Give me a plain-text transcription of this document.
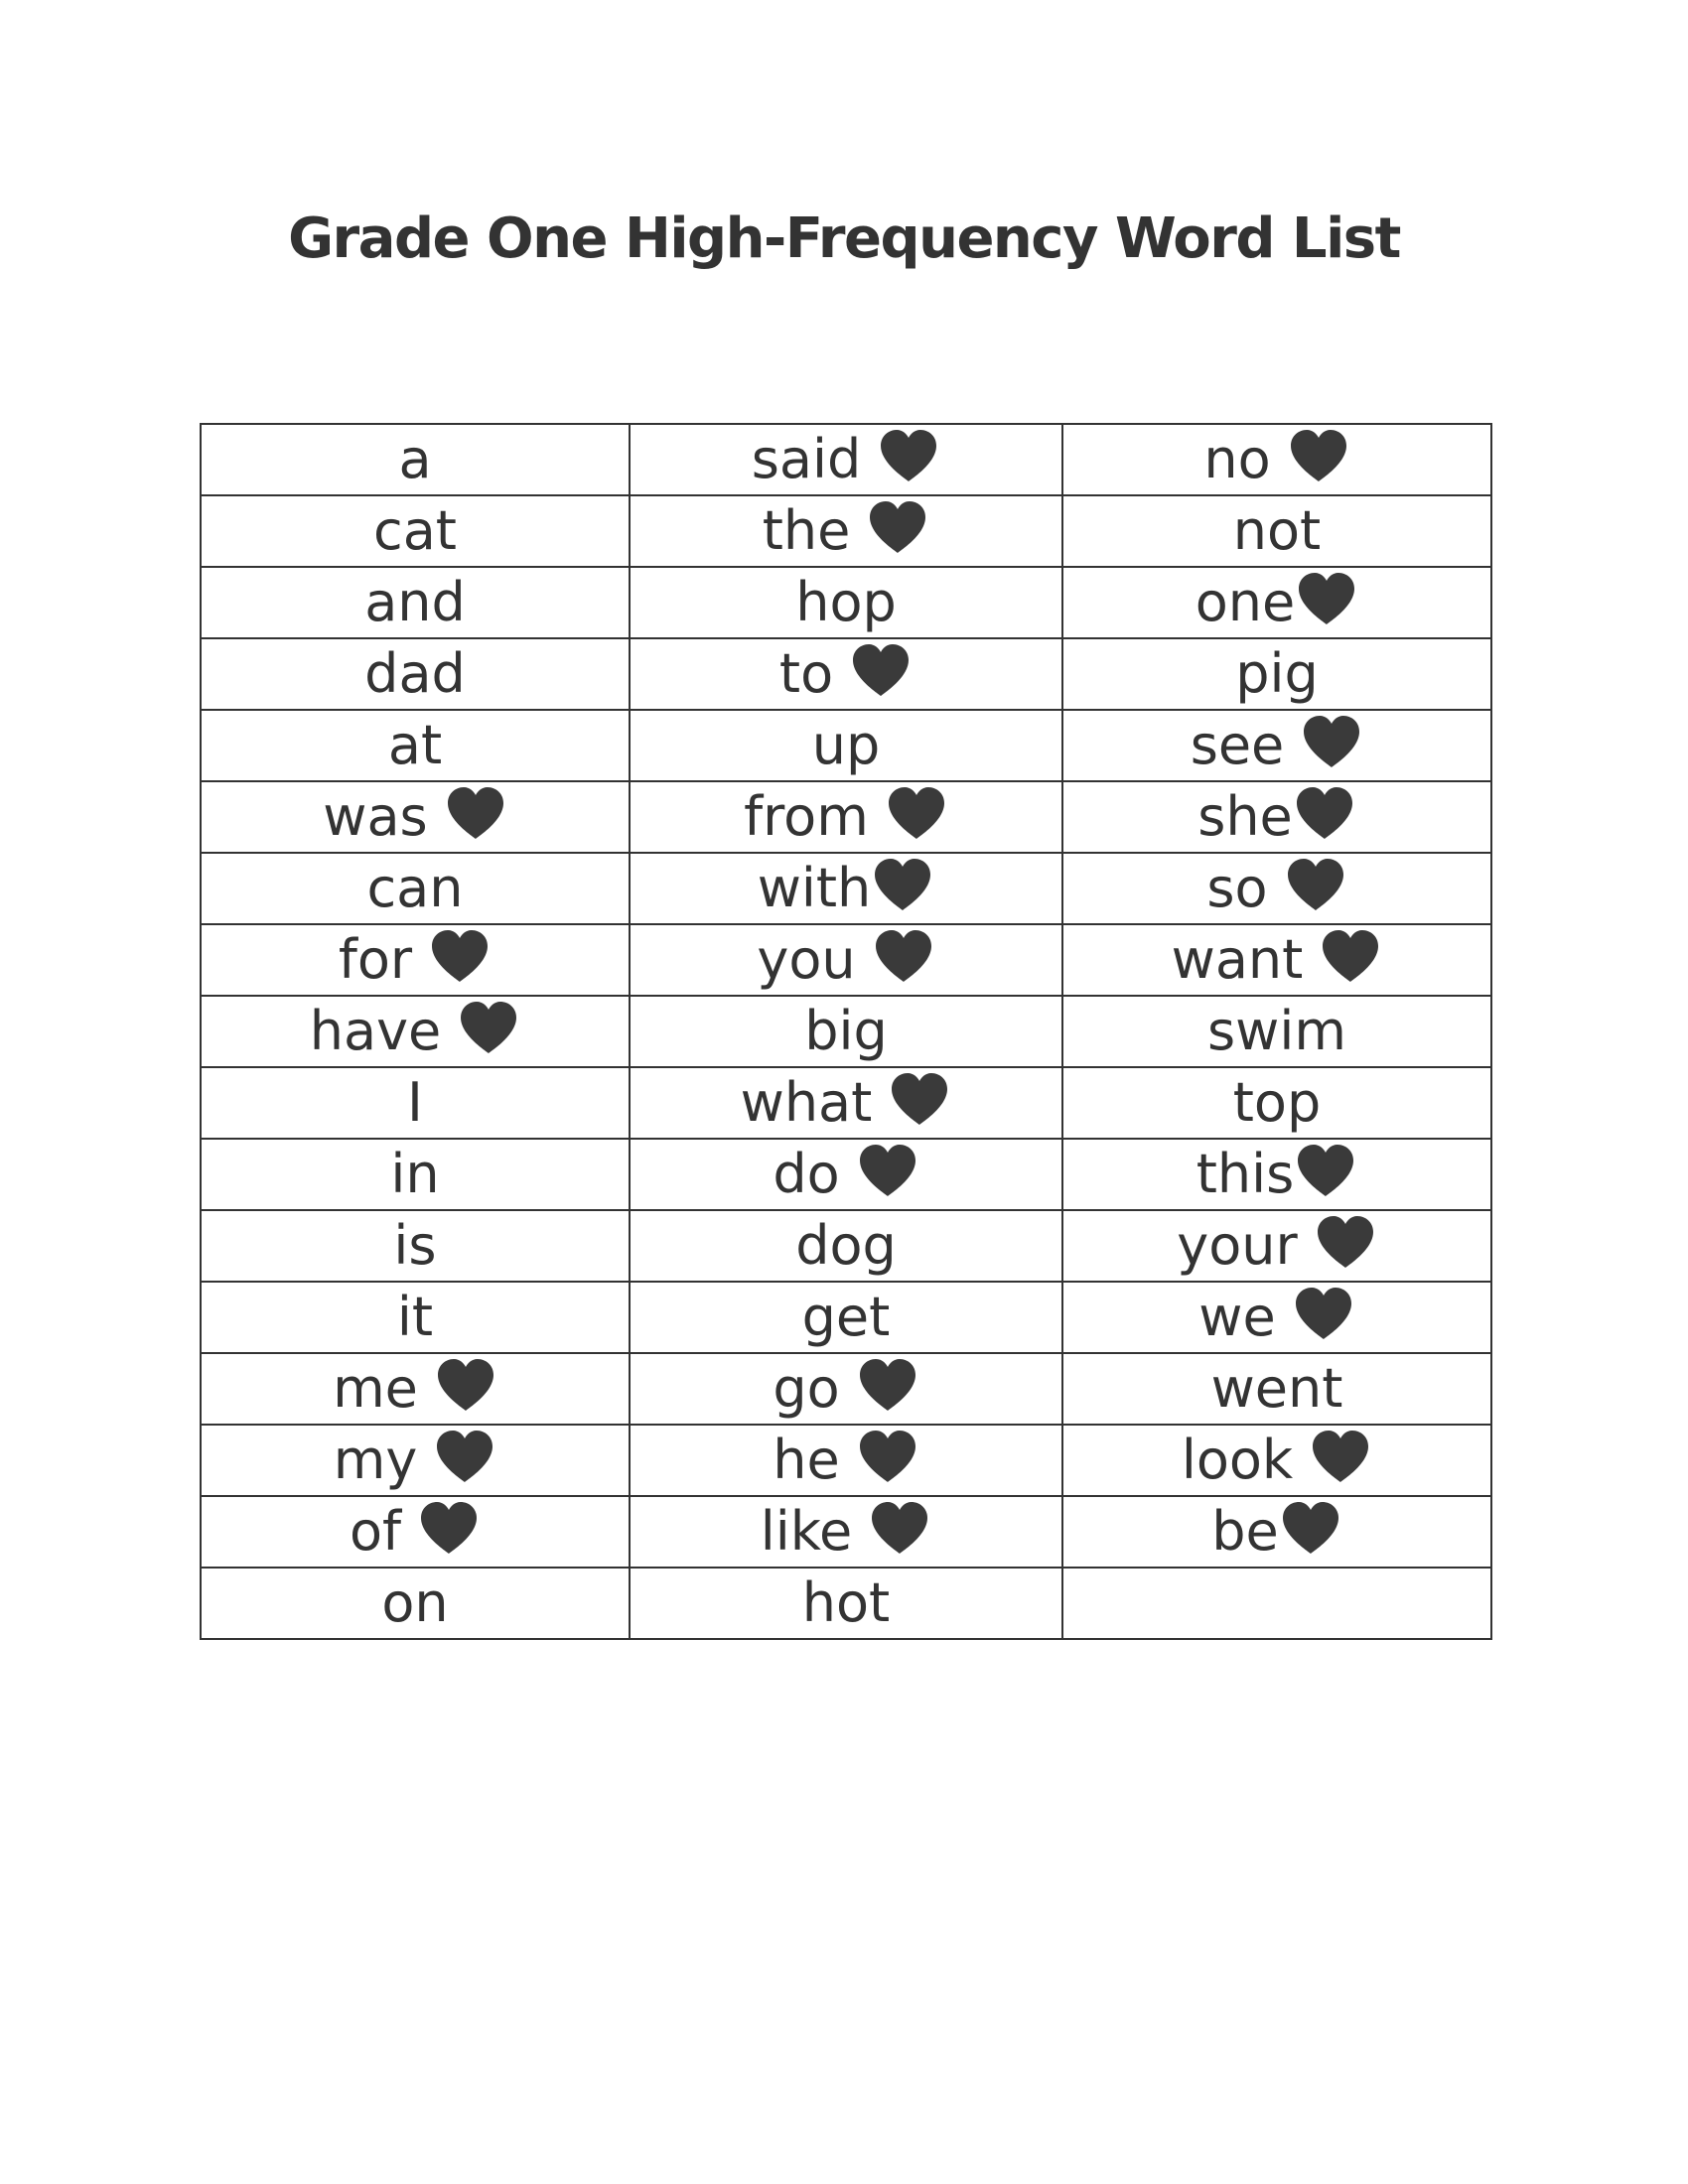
Grade One High-Frequency Word List
a	said	no

cat	the	not
and	hop	one

dad	to	pig
at	up	see

was	from	she

can	with	so

for	you	want

have	big	swim
I	what	top
in	do	this

is	dog	your

it	get	we

me	go	went
my	he	look

of	like	be

on	hot	
